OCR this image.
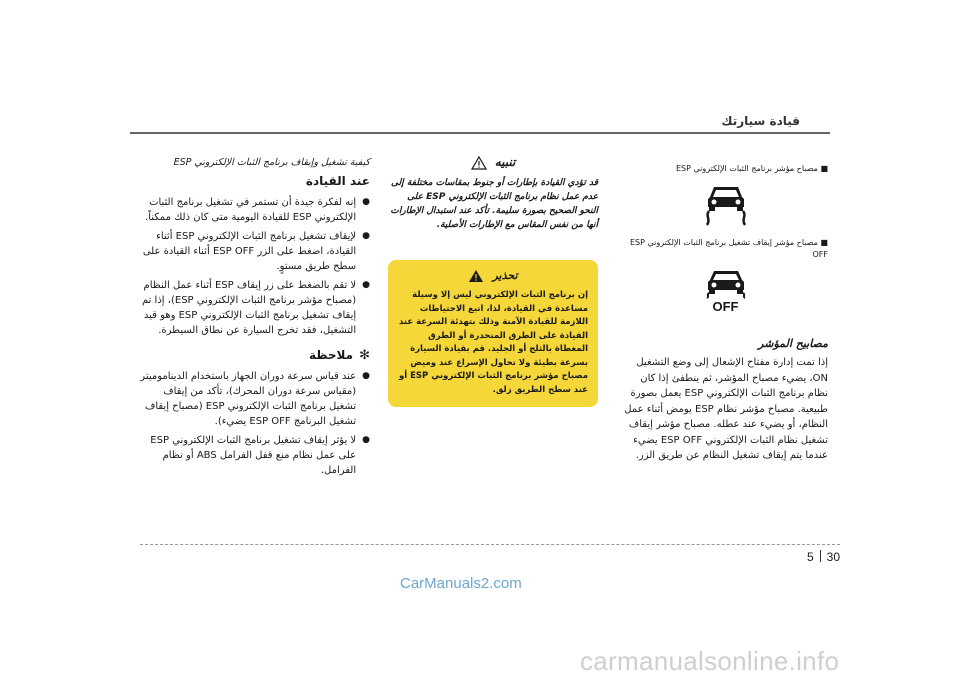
قيادة سيارتك
■ مصباح مؤشر برنامج الثبات الإلكتروني ESP
■ مصباح مؤشر إيقاف تشغيل برنامج الثبات الإلكتروني ESP OFF
OFF
مصابيح المؤشر

إذا تمت إدارة مفتاح الإشعال إلى وضع التشغيل ON، يضيء مصباح المؤشر، ثم ينطفئ إذا كان نظام برنامج الثبات الإلكتروني ESP يعمل بصورة طبيعية. مصباح مؤشر نظام ESP يومض أثناء عمل النظام، أو يضيء عند عطله. مصباح مؤشر إيقاف تشغيل نظام الثبات الإلكتروني ESP OFF يضيء عندما يتم إيقاف تشغيل النظام عن طريق الزر.

تنبيه
قد تؤدي القيادة بإطارات أو جنوط بمقاسات مختلفة إلى عدم عمل نظام برنامج الثبات الإلكتروني ESP على النحو الصحيح بصورة سليمة. تأكد عند استبدال الإطارات أنها من نفس المقاس مع الإطارات الأصلية.
تحذير
إن برنامج الثبات الإلكتروني ليس إلا وسيلة مساعدة في القيادة، لذا، اتبع الاحتياطات اللازمة للقيادة الآمنة وذلك بتهدئة السرعة عند القيادة على الطرق المنحدرة أو الطرق المغطاة بالثلج أو الجليد. قم بقيادة السيارة بسرعة بطيئة ولا تحاول الإسراع عند وميض مصباح مؤشر برنامج الثبات الإلكتروني ESP أو عند سطح الطريق زلق.
كيفية تشغيل وإيقاف برنامج الثبات الإلكتروني ESP
عند القيادة
●
إنه لفكرة جيدة أن تستمر في تشغيل برنامج الثبات الإلكتروني ESP للقيادة اليومية متى كان ذلك ممكناً.
●
لإيقاف تشغيل برنامج الثبات الإلكتروني ESP أثناء القيادة، اضغط على الزر ESP OFF أثناء القيادة على سطح طريق مستوٍ.
●
لا تقم بالضغط على زر إيقاف ESP أثناء عمل النظام (مصباح مؤشر برنامج الثبات الإلكتروني ESP)، إذا تم إيقاف تشغيل برنامج الثبات الإلكتروني ESP وهو قيد التشغيل، فقد تخرج السيارة عن نطاق السيطرة.
✻
ملاحظة
●
عند قياس سرعة دوران الجهاز باستخدام الديناموميتر (مقياس سرعة دوران المحرك)، تأكد من إيقاف تشغيل برنامج الثبات الإلكتروني ESP (مصباح إيقاف تشغيل البرنامج ESP OFF يضيء).
●
لا يؤثر إيقاف تشغيل برنامج الثبات الإلكتروني ESP على عمل نظام منع قفل الفرامل ABS أو نظام الفرامل.
5 30
CarManuals2.com
carmanualsonline.info
